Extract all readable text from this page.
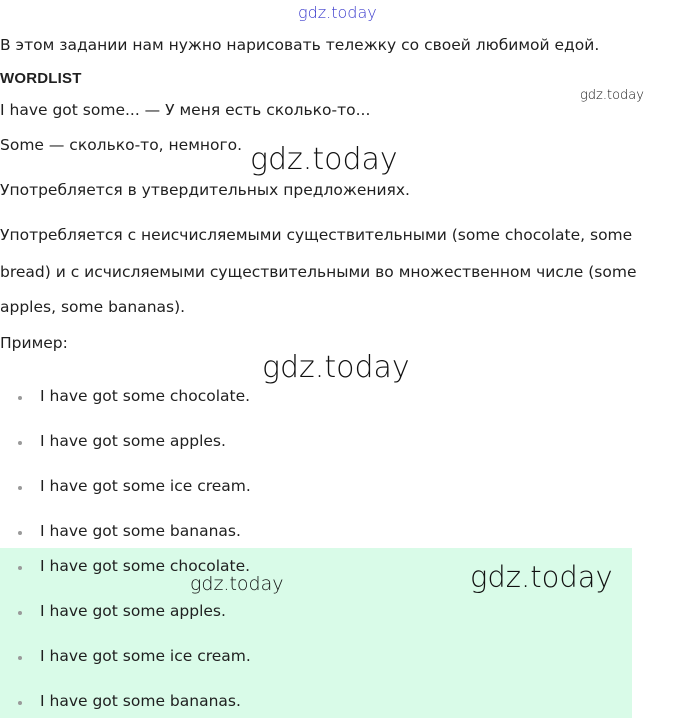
gdz.today
В этом задании нам нужно нарисовать тележку со своей любимой едой.
WORDLIST
gdz.today
I have got some... — У меня есть сколько-то...
Some — сколько-то, немного. gdz.today
Употребляется в утвердительных предложениях.
Употребляется с неисчисляемыми существительными (some chocolate, some
bread) и с исчисляемыми существительными во множественном числе (some
apples, some bananas).
Пример:
gdz.today
I have got some chocolate.
I have got some apples.
I have got some ice cream.
I have got some bananas.
I have got some chocolate.
I have got some apples.
I have got some ice cream.
I have got some bananas.
gdz.today	gdz.today
